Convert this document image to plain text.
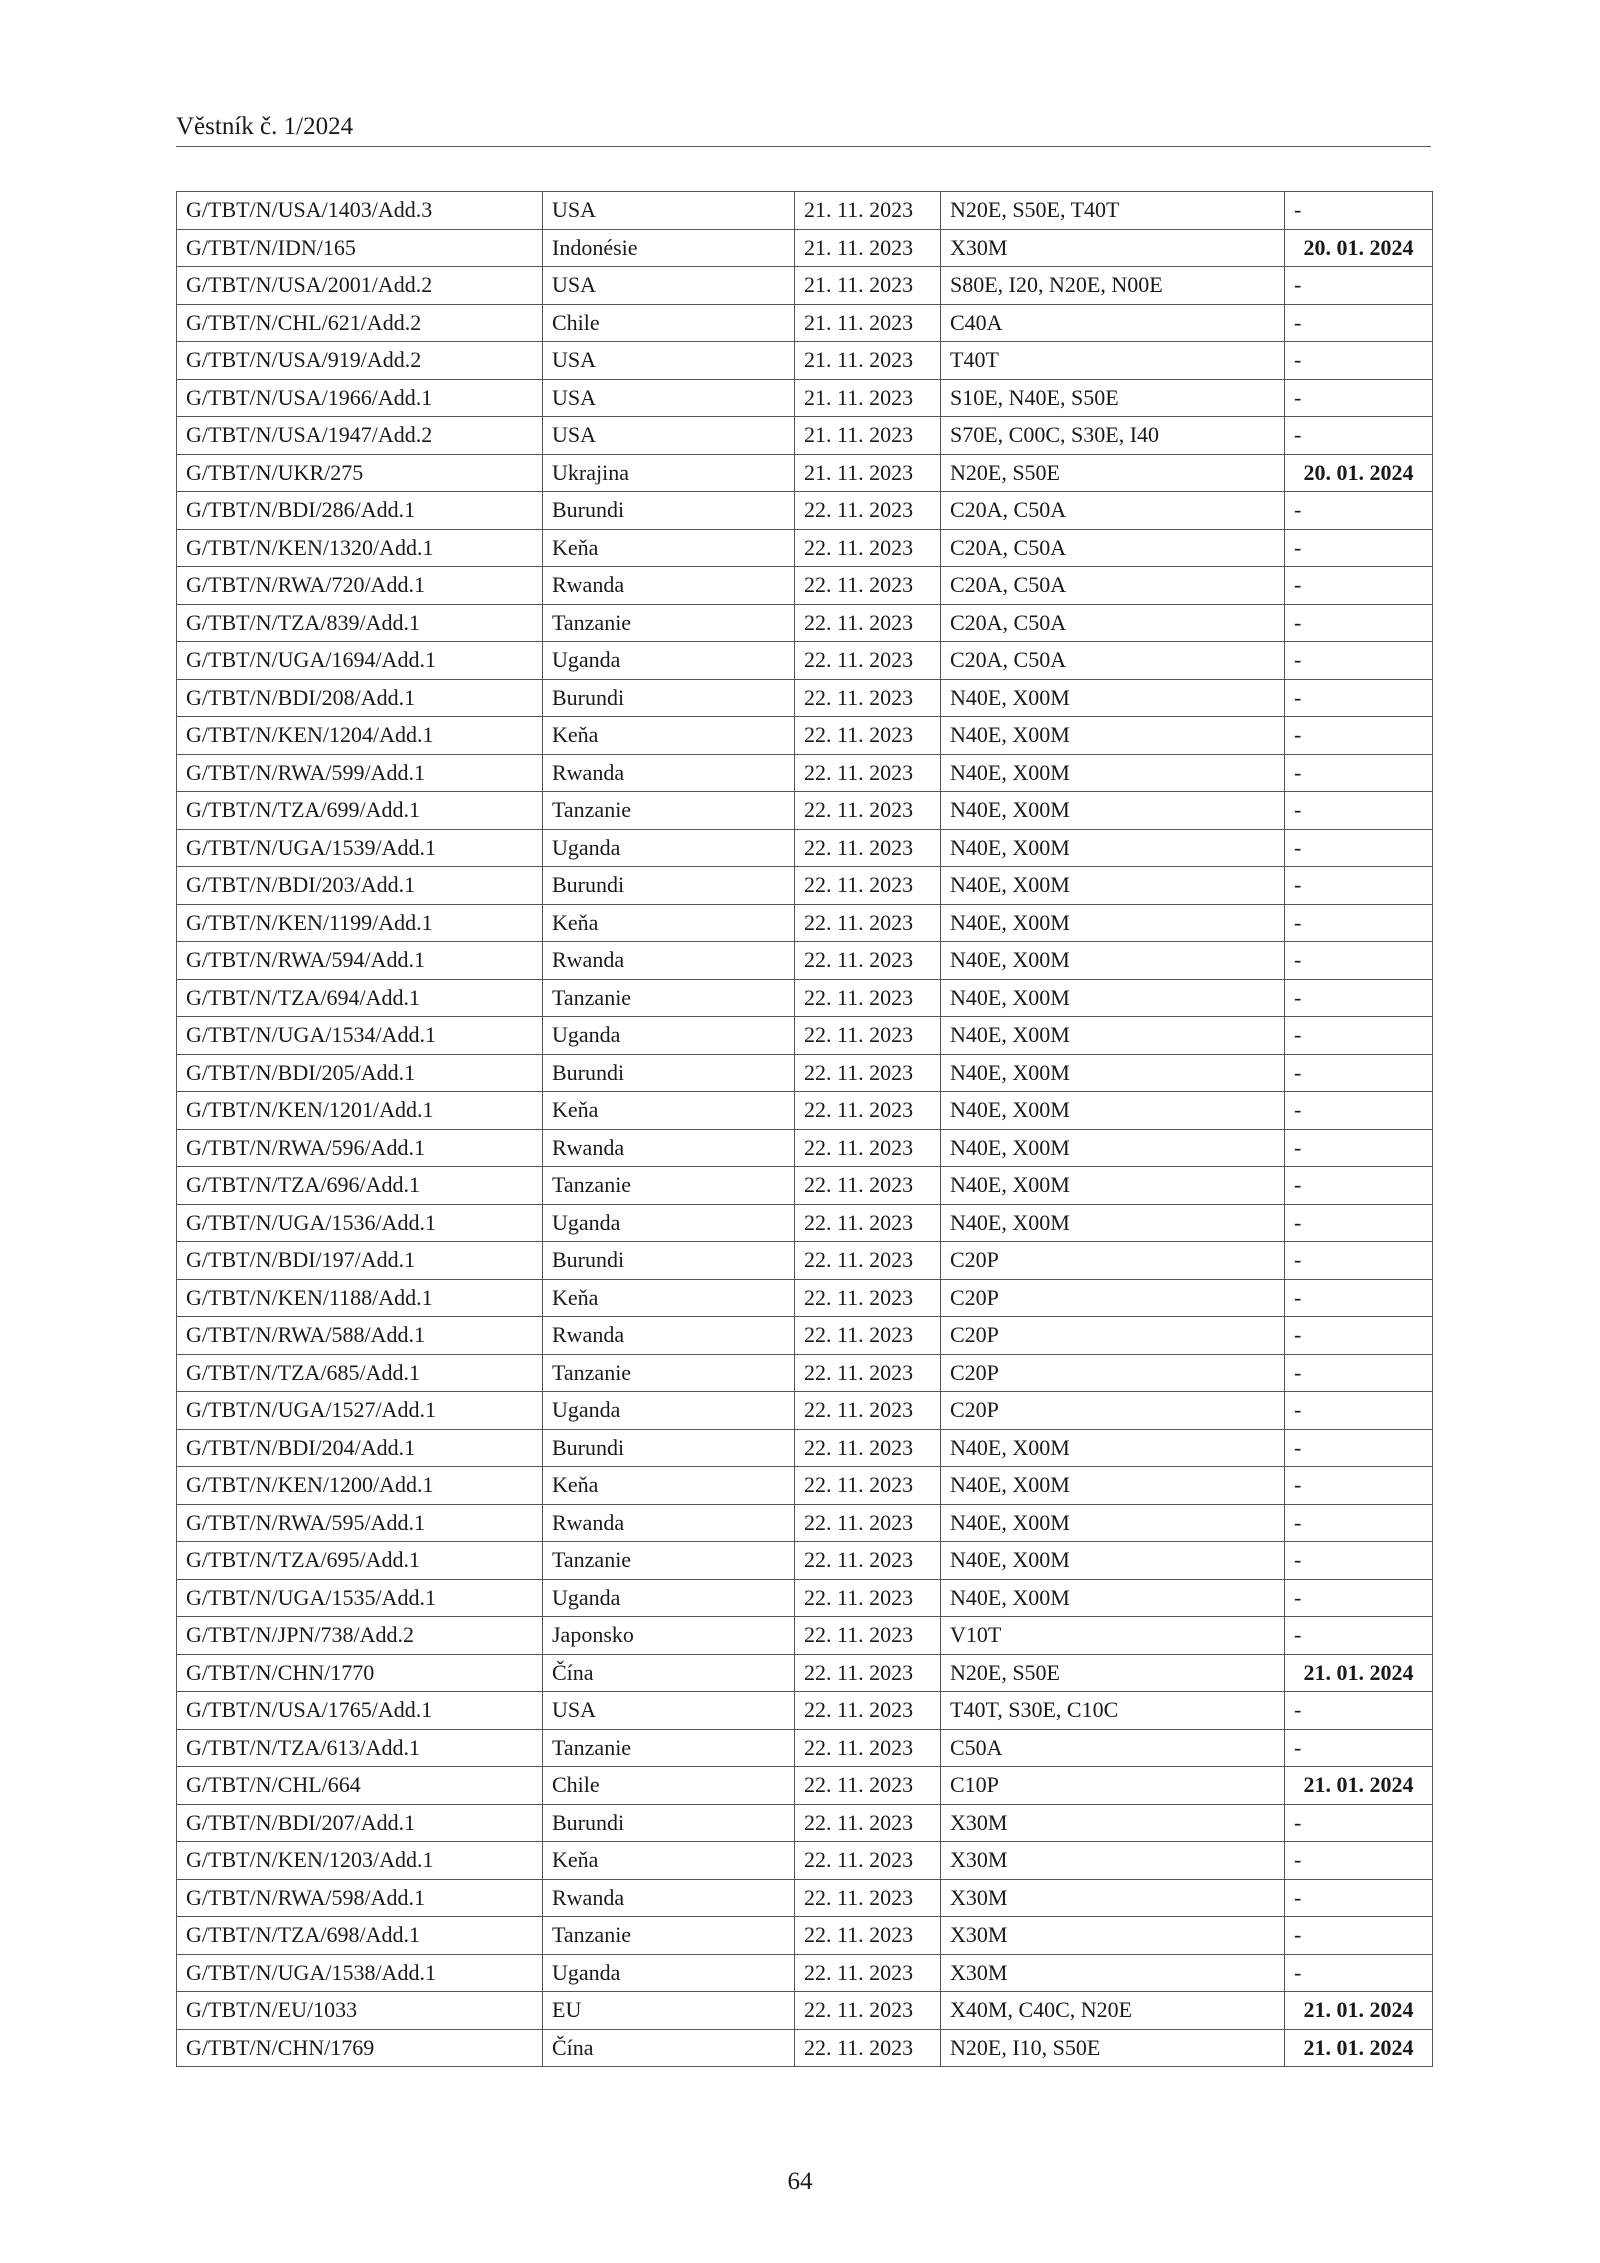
Věstník č. 1/2024
G/TBT/N/USA/1403/Add.3	USA	21. 11. 2023	N20E, S50E, T40T	-
G/TBT/N/IDN/165	Indonésie	21. 11. 2023	X30M	20. 01. 2024
G/TBT/N/USA/2001/Add.2	USA	21. 11. 2023	S80E, I20, N20E, N00E	-
G/TBT/N/CHL/621/Add.2	Chile	21. 11. 2023	C40A	-
G/TBT/N/USA/919/Add.2	USA	21. 11. 2023	T40T	-
G/TBT/N/USA/1966/Add.1	USA	21. 11. 2023	S10E, N40E, S50E	-
G/TBT/N/USA/1947/Add.2	USA	21. 11. 2023	S70E, C00C, S30E, I40	-
G/TBT/N/UKR/275	Ukrajina	21. 11. 2023	N20E, S50E	20. 01. 2024
G/TBT/N/BDI/286/Add.1	Burundi	22. 11. 2023	C20A, C50A	-
G/TBT/N/KEN/1320/Add.1	Keňa	22. 11. 2023	C20A, C50A	-
G/TBT/N/RWA/720/Add.1	Rwanda	22. 11. 2023	C20A, C50A	-
G/TBT/N/TZA/839/Add.1	Tanzanie	22. 11. 2023	C20A, C50A	-
G/TBT/N/UGA/1694/Add.1	Uganda	22. 11. 2023	C20A, C50A	-
G/TBT/N/BDI/208/Add.1	Burundi	22. 11. 2023	N40E, X00M	-
G/TBT/N/KEN/1204/Add.1	Keňa	22. 11. 2023	N40E, X00M	-
G/TBT/N/RWA/599/Add.1	Rwanda	22. 11. 2023	N40E, X00M	-
G/TBT/N/TZA/699/Add.1	Tanzanie	22. 11. 2023	N40E, X00M	-
G/TBT/N/UGA/1539/Add.1	Uganda	22. 11. 2023	N40E, X00M	-
G/TBT/N/BDI/203/Add.1	Burundi	22. 11. 2023	N40E, X00M	-
G/TBT/N/KEN/1199/Add.1	Keňa	22. 11. 2023	N40E, X00M	-
G/TBT/N/RWA/594/Add.1	Rwanda	22. 11. 2023	N40E, X00M	-
G/TBT/N/TZA/694/Add.1	Tanzanie	22. 11. 2023	N40E, X00M	-
G/TBT/N/UGA/1534/Add.1	Uganda	22. 11. 2023	N40E, X00M	-
G/TBT/N/BDI/205/Add.1	Burundi	22. 11. 2023	N40E, X00M	-
G/TBT/N/KEN/1201/Add.1	Keňa	22. 11. 2023	N40E, X00M	-
G/TBT/N/RWA/596/Add.1	Rwanda	22. 11. 2023	N40E, X00M	-
G/TBT/N/TZA/696/Add.1	Tanzanie	22. 11. 2023	N40E, X00M	-
G/TBT/N/UGA/1536/Add.1	Uganda	22. 11. 2023	N40E, X00M	-
G/TBT/N/BDI/197/Add.1	Burundi	22. 11. 2023	C20P	-
G/TBT/N/KEN/1188/Add.1	Keňa	22. 11. 2023	C20P	-
G/TBT/N/RWA/588/Add.1	Rwanda	22. 11. 2023	C20P	-
G/TBT/N/TZA/685/Add.1	Tanzanie	22. 11. 2023	C20P	-
G/TBT/N/UGA/1527/Add.1	Uganda	22. 11. 2023	C20P	-
G/TBT/N/BDI/204/Add.1	Burundi	22. 11. 2023	N40E, X00M	-
G/TBT/N/KEN/1200/Add.1	Keňa	22. 11. 2023	N40E, X00M	-
G/TBT/N/RWA/595/Add.1	Rwanda	22. 11. 2023	N40E, X00M	-
G/TBT/N/TZA/695/Add.1	Tanzanie	22. 11. 2023	N40E, X00M	-
G/TBT/N/UGA/1535/Add.1	Uganda	22. 11. 2023	N40E, X00M	-
G/TBT/N/JPN/738/Add.2	Japonsko	22. 11. 2023	V10T	-
G/TBT/N/CHN/1770	Čína	22. 11. 2023	N20E, S50E	21. 01. 2024
G/TBT/N/USA/1765/Add.1	USA	22. 11. 2023	T40T, S30E, C10C	-
G/TBT/N/TZA/613/Add.1	Tanzanie	22. 11. 2023	C50A	-
G/TBT/N/CHL/664	Chile	22. 11. 2023	C10P	21. 01. 2024
G/TBT/N/BDI/207/Add.1	Burundi	22. 11. 2023	X30M	-
G/TBT/N/KEN/1203/Add.1	Keňa	22. 11. 2023	X30M	-
G/TBT/N/RWA/598/Add.1	Rwanda	22. 11. 2023	X30M	-
G/TBT/N/TZA/698/Add.1	Tanzanie	22. 11. 2023	X30M	-
G/TBT/N/UGA/1538/Add.1	Uganda	22. 11. 2023	X30M	-
G/TBT/N/EU/1033	EU	22. 11. 2023	X40M, C40C, N20E	21. 01. 2024
G/TBT/N/CHN/1769	Čína	22. 11. 2023	N20E, I10, S50E	21. 01. 2024
64
